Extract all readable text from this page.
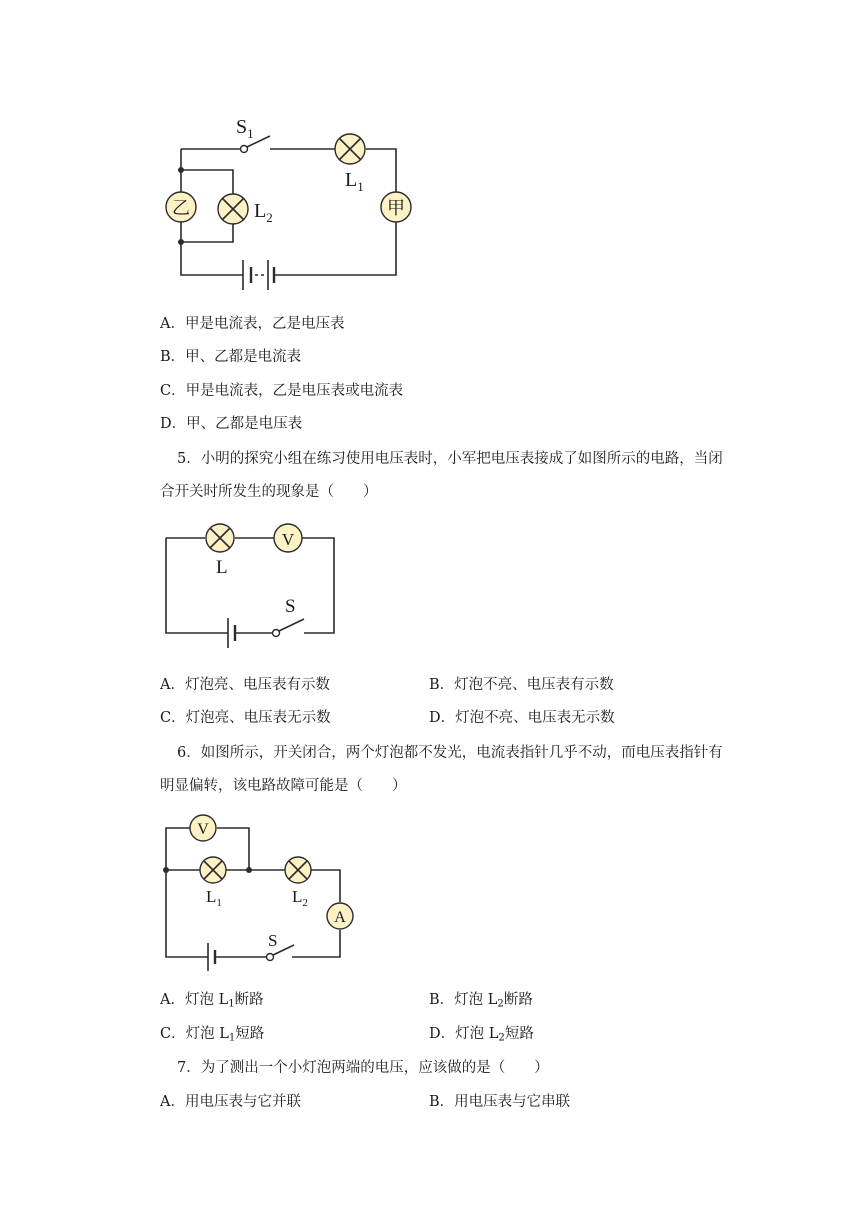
$S_1$
$L_1$
$L_2$
乙	甲
A．甲是电流表，乙是电压表
B．甲、乙都是电流表
C．甲是电流表，乙是电压表或电流表
D．甲、乙都是电压表
5．小明的探究小组在练习使用电压表时，小军把电压表接成了如图所示的电路，当闭
合开关时所发生的现象是（　　）
V
L
S
A．灯泡亮、电压表有示数	B．灯泡不亮、电压表有示数
C．灯泡亮、电压表无示数	D．灯泡不亮、电压表无示数
6．如图所示，开关闭合，两个灯泡都不发光，电流表指针几乎不动，而电压表指针有
明显偏转，该电路故障可能是（　　）
V
A
$L_1$	$L_2$
S
A．灯泡 $L_1$断路	B．灯泡 $L_2$断路
C．灯泡 $L_1$短路	D．灯泡 $L_2$短路
7．为了测出一个小灯泡两端的电压，应该做的是（　　）
A．用电压表与它并联	B．用电压表与它串联
